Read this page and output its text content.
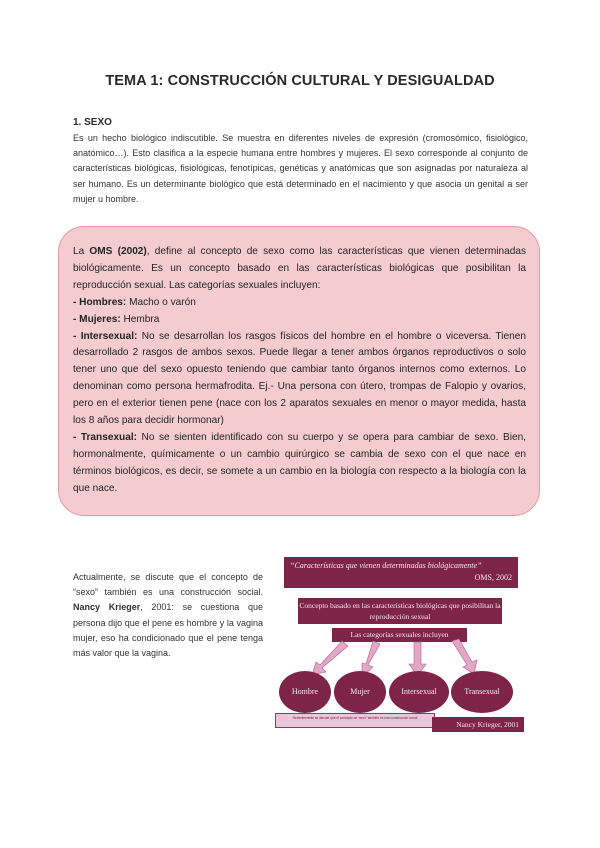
TEMA 1: CONSTRUCCIÓN CULTURAL Y DESIGUALDAD
1. SEXO
Es un hecho biológico indiscutible. Se muestra en diferentes niveles de expresión (cromosómico, fisiológico, anatómico…). Esto clasifica a la especie humana entre hombres y mujeres. El sexo corresponde al conjunto de características biológicas, fisiológicas, fenotípicas, genéticas y anatómicas que son asignadas por naturaleza al ser humano. Es un determinante biológico que está determinado en el nacimiento y que asocia un genital a ser mujer u hombre.

La OMS (2002), define al concepto de sexo como las características que vienen determinadas biológicamente. Es un concepto basado en las características biológicas que posibilitan la reproducción sexual. Las categorías sexuales incluyen:

- Hombres: Macho o varón

- Mujeres: Hembra

- Intersexual: No se desarrollan los rasgos físicos del hombre en el hombre o viceversa. Tienen desarrollado 2 rasgos de ambos sexos. Puede llegar a tener ambos órganos reproductivos o solo tener uno que del sexo opuesto teniendo que cambiar tanto órganos internos como externos. Lo denominan como persona hermafrodita. Ej.- Una persona con útero, trompas de Falopio y ovarios, pero en el exterior tienen pene (nace con los 2 aparatos sexuales en menor o mayor medida, hasta los 8 años para decidir hormonar)

- Transexual: No se sienten identificado con su cuerpo y se opera para cambiar de sexo. Bien, hormonalmente, químicamente o un cambio quirúrgico se cambia de sexo con el que nace en términos biológicos, es decir, se somete a un cambio en la biología con respecto a la biología con la que nace.

Actualmente, se discute que el concepto de “sexo” también es una construcción social. Nancy Krieger, 2001: se cuestiona que persona dijo que el pene es hombre y la vagina mujer, eso ha condicionado que el pene tenga más valor que la vagina.
“Características que vienen determinadas biológicamente”
OMS, 2002
Concepto basado en las características biológicas que posibilitan la reproducción sexual
Las categorías sexuales incluyen
Hombre	Mujer	Intersexual	Transexual
Recientemente se discute que el concepto de “sexo” también es una construcción social
Nancy Krieger, 2001
